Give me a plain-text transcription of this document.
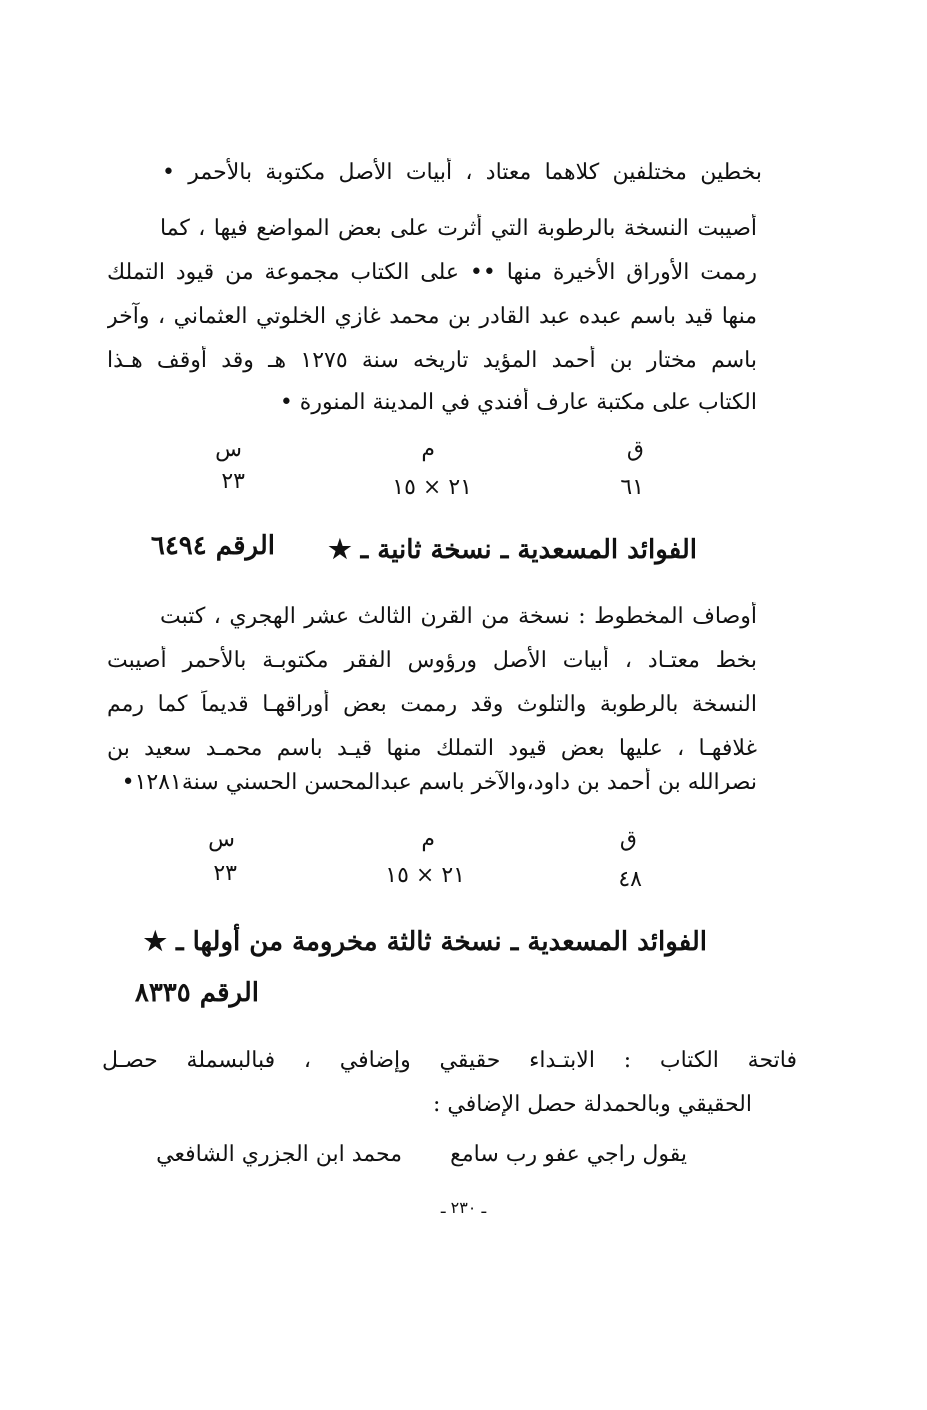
بخطين مختلفين كلاهما معتاد ، أبيات الأصل مكتوبة بالأحمر •
أصيبت النسخة بالرطوبة التي أثرت على بعض المواضع فيها ، كما
رممت الأوراق الأخيرة منها •• على الكتاب مجموعة من قيود التملك
منها قيد باسم عبده عبد القادر بن محمد غازي الخلوتي العثماني ، وآخر
باسم مختار بن أحمد المؤيد تاريخه سنة ١٢٧٥ هـ وقد أوقف هـذا
الكتاب على مكتبة عارف أفندي في المدينة المنورة •
ق
م
س
٦١
٢١ × ١٥
٢٣
الفوائد المسعدية ـ نسخة ثانية ـ ★
الرقم ٦٤٩٤
أوصاف المخطوط : نسخة من القرن الثالث عشر الهجري ، كتبت
بخط معتـاد ، أبيات الأصل ورؤوس الفقر مكتوبـة بالأحمر أصيبت
النسخة بالرطوبة والتلوث وقد رممت بعض أوراقهـا قديماً كما رمم
غلافهـا ، عليها بعض قيود التملك منها قيـد باسم محمـد سعيد بن
نصرالله بن أحمد بن داود،والآخر باسم عبدالمحسن الحسني سنة١٢٨١•
ق
م
س
٤٨
٢١ × ١٥
٢٣
الفوائد المسعدية ـ نسخة ثالثة مخرومة من أولها ـ ★
الرقم ٨٣٣٥
فاتحة الكتاب : الابتـداء حقيقي وإضافي ، فبالبسملة حصـل
الحقيقي وبالحمدلة حصل الإضافي :
يقول راجي عفو رب سامع
محمد ابن الجزري الشافعي
ـ ٢٣٠ ـ
